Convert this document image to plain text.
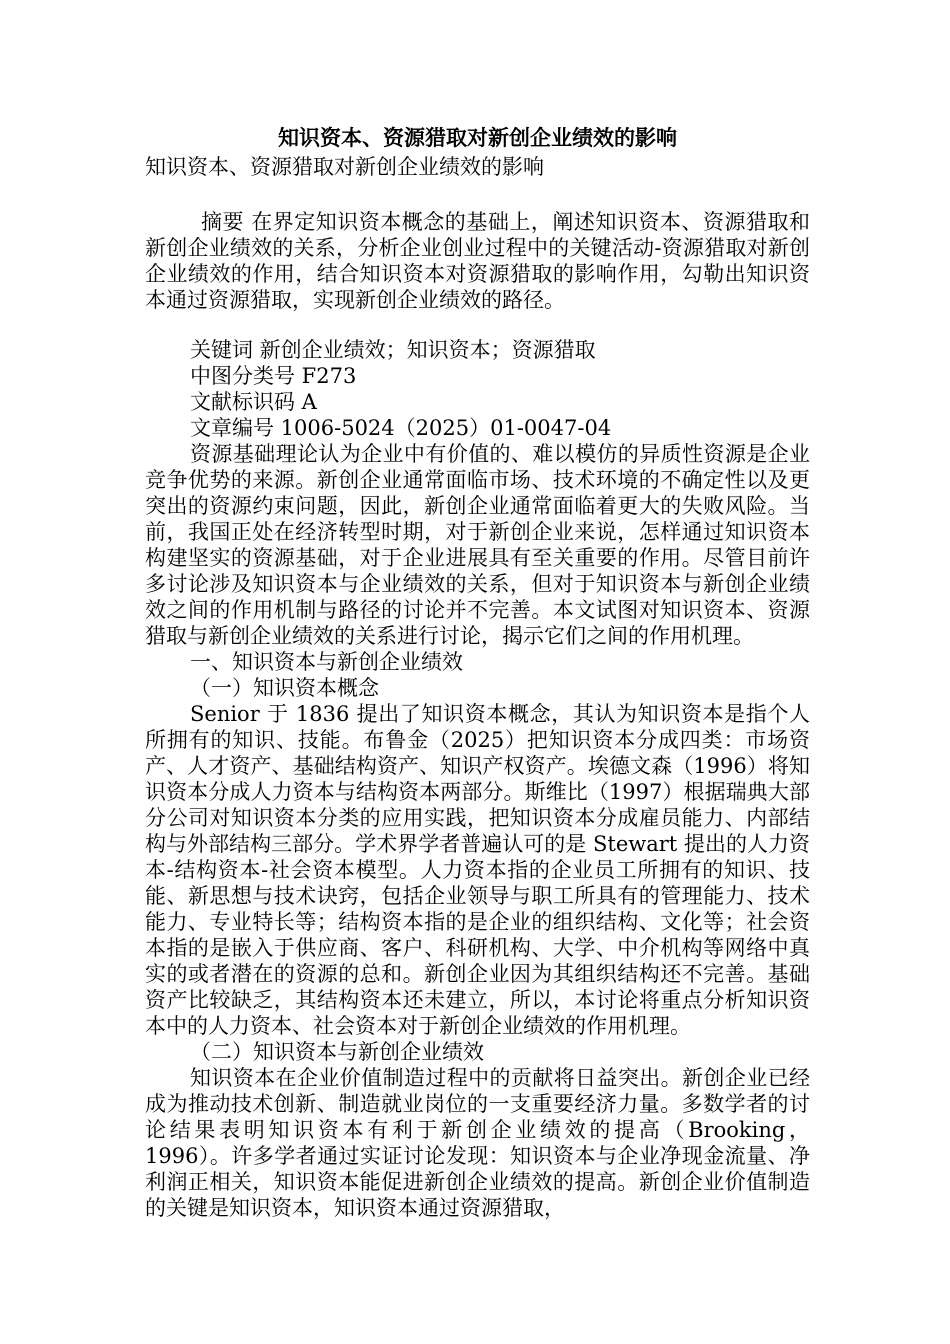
知识资本、资源猎取对新创企业绩效的影响

知识资本、资源猎取对新创企业绩效的影响

摘要 在界定知识资本概念的基础上，阐述知识资本、资源猎取和新创企业绩效的关系，分析企业创业过程中的关键活动-资源猎取对新创企业绩效的作用，结合知识资本对资源猎取的影响作用，勾勒出知识资本通过资源猎取，实现新创企业绩效的路径。

关键词 新创企业绩效；知识资本；资源猎取

中图分类号 F273

文献标识码 A

文章编号 1006-5024（2025）01-0047-04

资源基础理论认为企业中有价值的、难以模仿的异质性资源是企业竞争优势的来源。新创企业通常面临市场、技术环境的不确定性以及更突出的资源约束问题，因此，新创企业通常面临着更大的失败风险。当前，我国正处在经济转型时期，对于新创企业来说，怎样通过知识资本构建坚实的资源基础，对于企业进展具有至关重要的作用。尽管目前许多讨论涉及知识资本与企业绩效的关系，但对于知识资本与新创企业绩效之间的作用机制与路径的讨论并不完善。本文试图对知识资本、资源猎取与新创企业绩效的关系进行讨论，揭示它们之间的作用机理。

一、知识资本与新创企业绩效

（一）知识资本概念

Senior 于 1836 提出了知识资本概念，其认为知识资本是指个人所拥有的知识、技能。布鲁金（2025）把知识资本分成四类：市场资产、人才资产、基础结构资产、知识产权资产。埃德文森（1996）将知识资本分成人力资本与结构资本两部分。斯维比（1997）根据瑞典大部分公司对知识资本分类的应用实践，把知识资本分成雇员能力、内部结构与外部结构三部分。学术界学者普遍认可的是 Stewart 提出的人力资本-结构资本-社会资本模型。人力资本指的企业员工所拥有的知识、技能、新思想与技术诀窍，包括企业领导与职工所具有的管理能力、技术能力、专业特长等；结构资本指的是企业的组织结构、文化等；社会资本指的是嵌入于供应商、客户、科研机构、大学、中介机构等网络中真实的或者潜在的资源的总和。新创企业因为其组织结构还不完善。基础资产比较缺乏，其结构资本还未建立，所以，本讨论将重点分析知识资本中的人力资本、社会资本对于新创企业绩效的作用机理。

（二）知识资本与新创企业绩效

知识资本在企业价值制造过程中的贡献将日益突出。新创企业已经成为推动技术创新、制造就业岗位的一支重要经济力量。多数学者的讨论结果表明知识资本有利于新创企业绩效的提高（Brooking，1996）。许多学者通过实证讨论发现：知识资本与企业净现金流量、净利润正相关，知识资本能促进新创企业绩效的提高。新创企业价值制造的关键是知识资本，知识资本通过资源猎取，
